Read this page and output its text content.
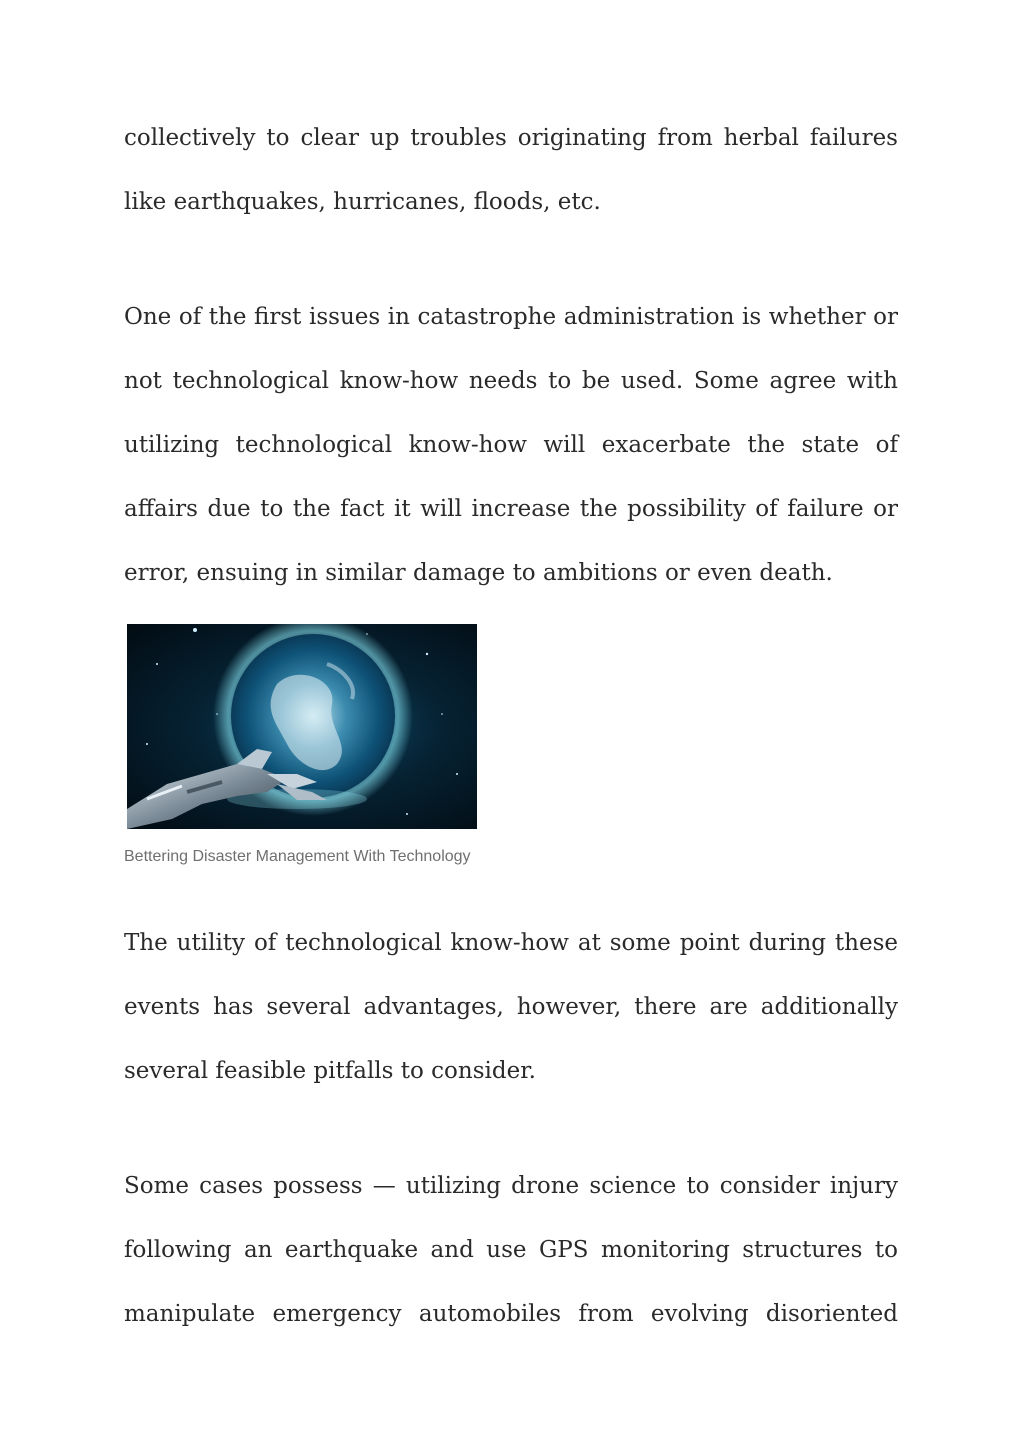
collectively to clear up troubles originating from herbal failures like earthquakes, hurricanes, floods, etc.

One of the first issues in catastrophe administration is whether or not technological know-how needs to be used. Some agree with utilizing technological know-how will exacerbate the state of affairs due to the fact it will increase the possibility of failure or error, ensuing in similar damage to ambitions or even death.

Bettering Disaster Management With Technology

The utility of technological know-how at some point during these events has several advantages, however, there are additionally several feasible pitfalls to consider.

Some cases possess — utilizing drone science to consider injury following an earthquake and use GPS monitoring structures to manipulate emergency automobiles from evolving disoriented
